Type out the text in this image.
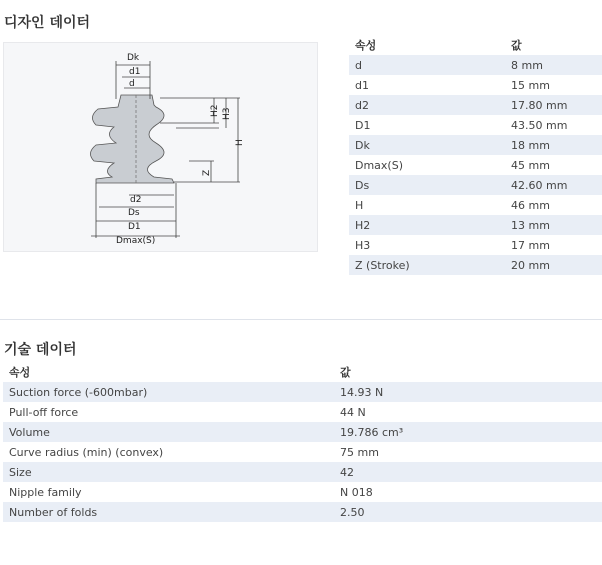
디자인 데이터
Dk
d1
d
H2 H3
H
Z
d2
Ds
D1
Dmax(S)
속성	값
d	8 mm
d1	15 mm
d2	17.80 mm
D1	43.50 mm
Dk	18 mm
Dmax(S)	45 mm
Ds	42.60 mm
H	46 mm
H2	13 mm
H3	17 mm
Z (Stroke)	20 mm
기술 데이터
속성	값
Suction force (-600mbar)	14.93 N
Pull-off force	44 N
Volume	19.786 cm³
Curve radius (min) (convex)	75 mm
Size	42
Nipple family	N 018
Number of folds	2.50
